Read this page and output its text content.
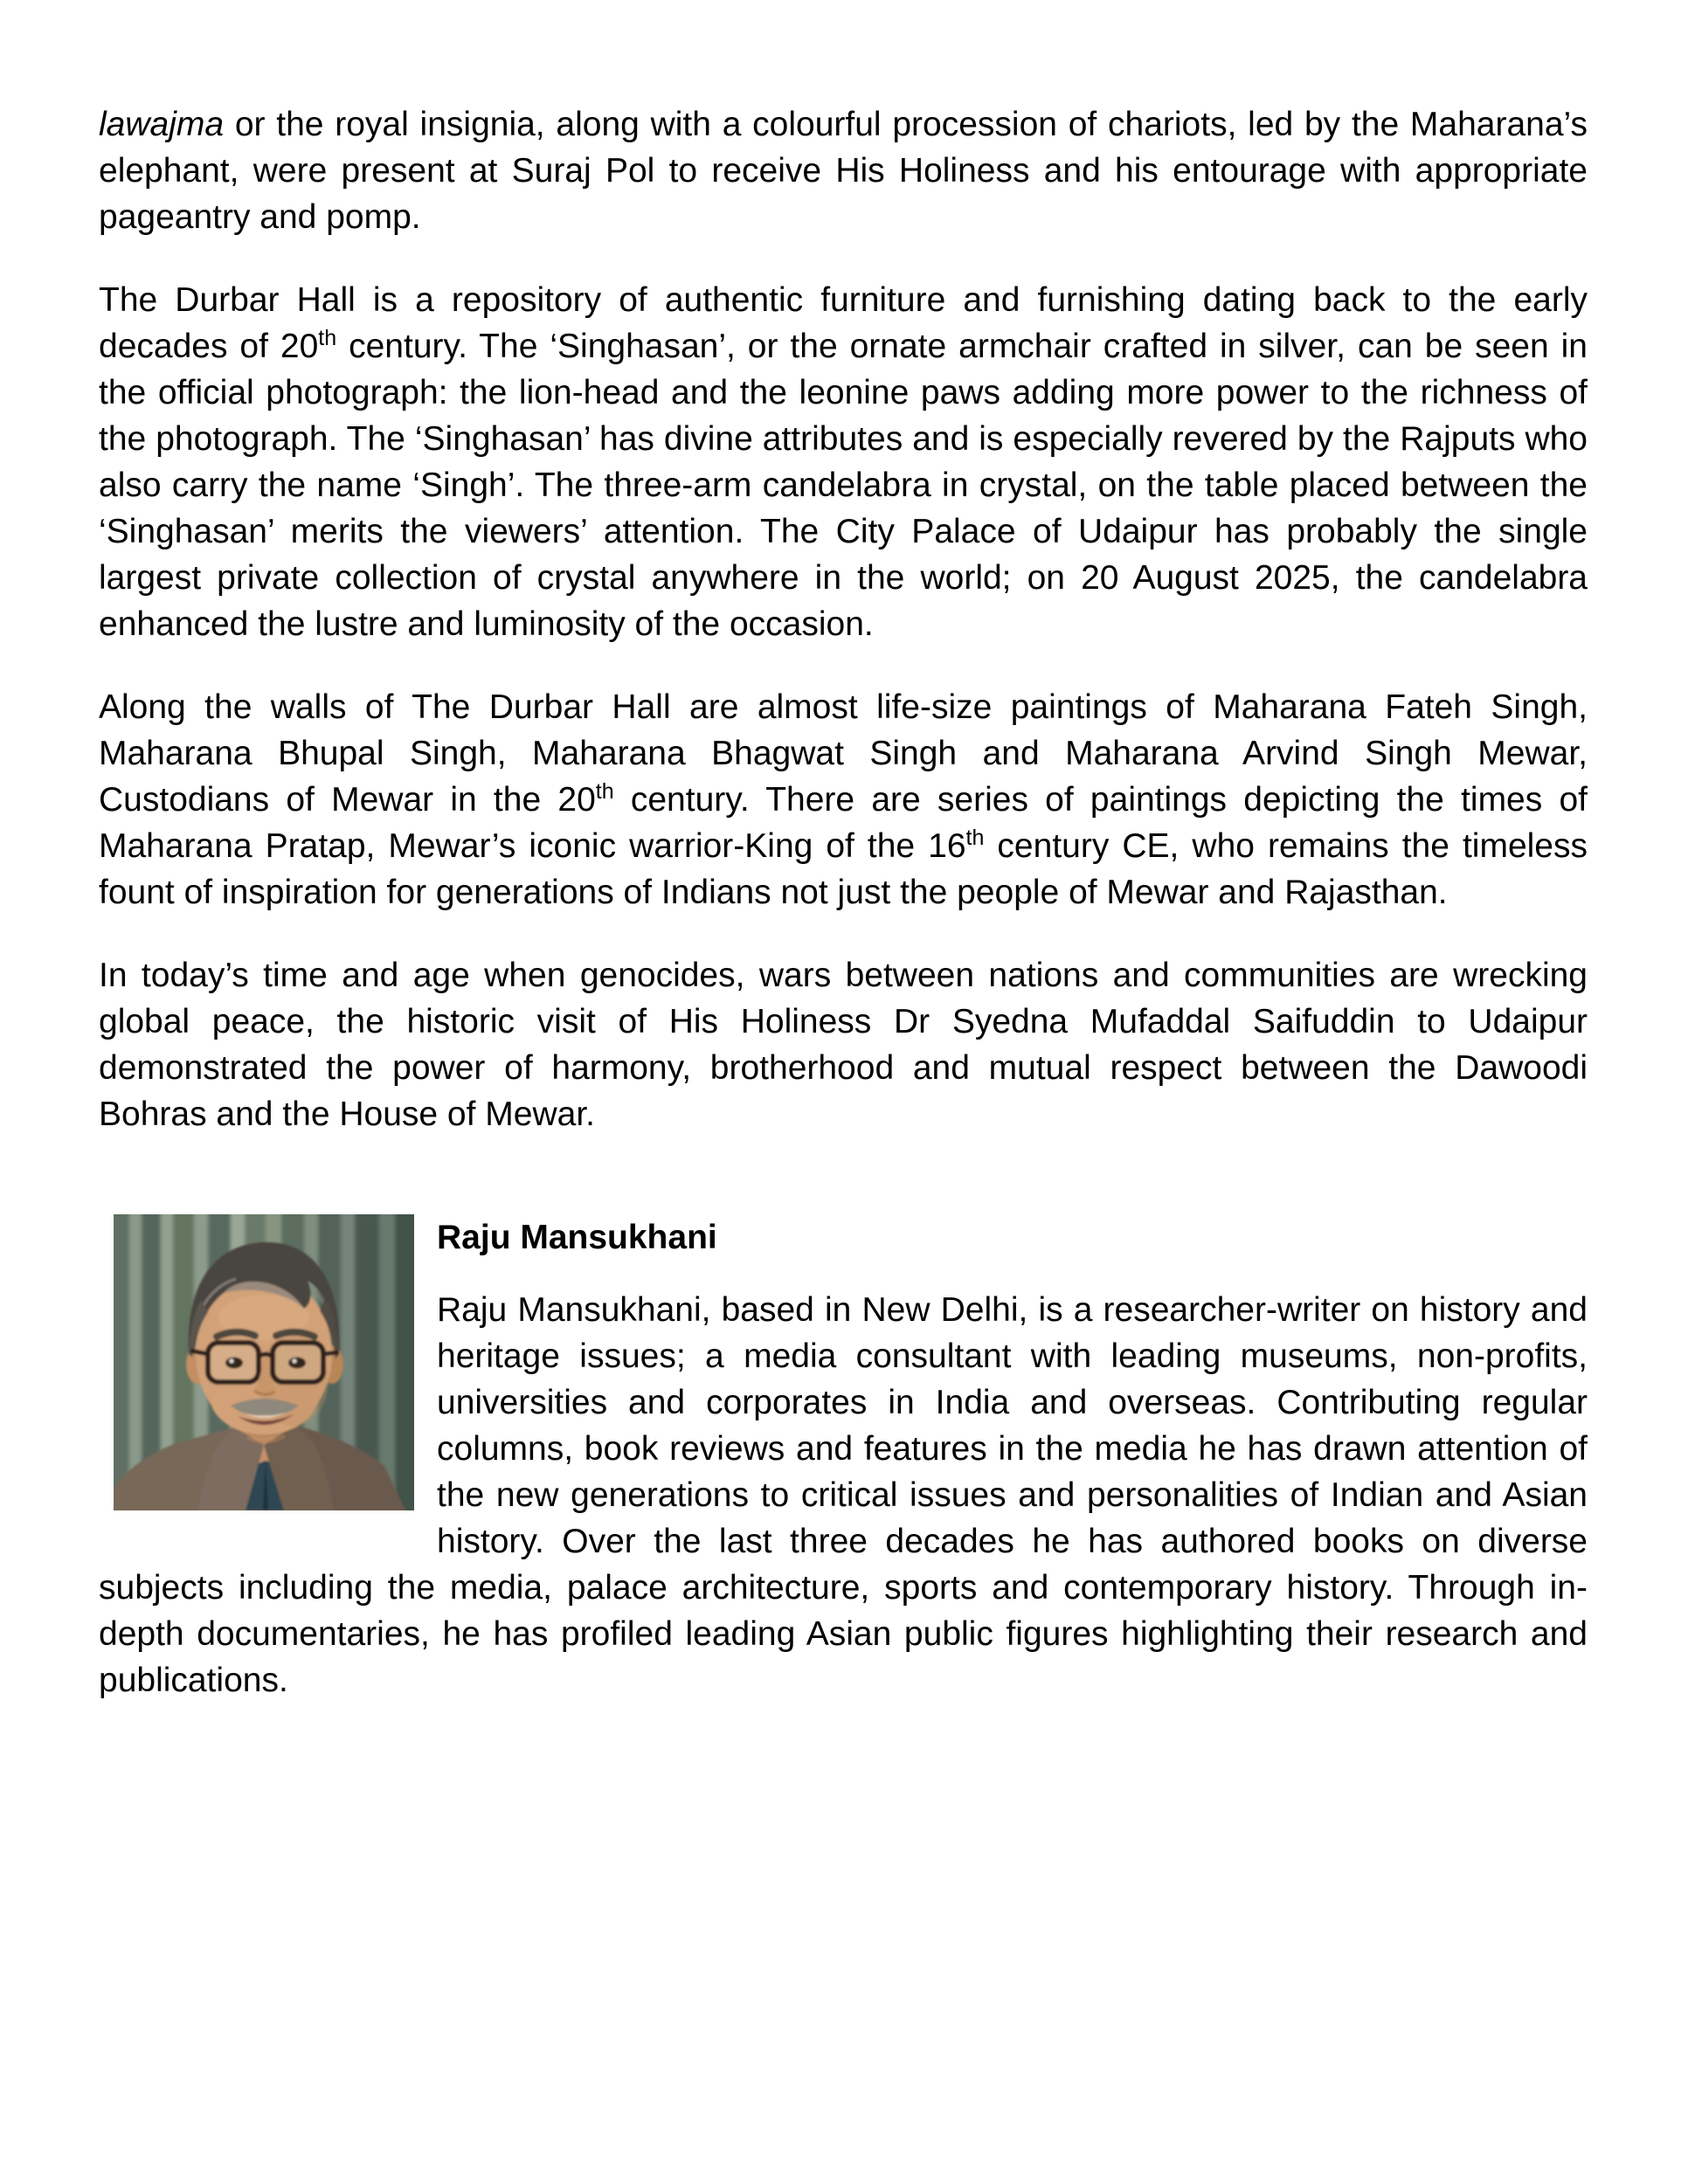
lawajma or the royal insignia, along with a colourful procession of chariots, led by the Maharana’s elephant, were present at Suraj Pol to receive His Holiness and his entourage with appropriate pageantry and pomp.

The Durbar Hall is a repository of authentic furniture and furnishing dating back to the early decades of 20th century. The ‘Singhasan’, or the ornate armchair crafted in silver, can be seen in the official photograph: the lion-head and the leonine paws adding more power to the richness of the photograph. The ‘Singhasan’ has divine attributes and is especially revered by the Rajputs who also carry the name ‘Singh’. The three-arm candelabra in crystal, on the table placed between the ‘Singhasan’ merits the viewers’ attention. The City Palace of Udaipur has probably the single largest private collection of crystal anywhere in the world; on 20 August 2025, the candelabra enhanced the lustre and luminosity of the occasion.

Along the walls of The Durbar Hall are almost life-size paintings of Maharana Fateh Singh, Maharana Bhupal Singh, Maharana Bhagwat Singh and Maharana Arvind Singh Mewar, Custodians of Mewar in the 20th century. There are series of paintings depicting the times of Maharana Pratap, Mewar’s iconic warrior-King of the 16th century CE, who remains the timeless fount of inspiration for generations of Indians not just the people of Mewar and Rajasthan.

In today’s time and age when genocides, wars between nations and communities are wrecking global peace, the historic visit of His Holiness Dr Syedna Mufaddal Saifuddin to Udaipur demonstrated the power of harmony, brotherhood and mutual respect between the Dawoodi Bohras and the House of Mewar.

Raju Mansukhani

Raju Mansukhani, based in New Delhi, is a researcher-writer on history and heritage issues; a media consultant with leading museums, non-profits, universities and corporates in India and overseas. Contributing regular columns, book reviews and features in the media he has drawn attention of the new generations to critical issues and personalities of Indian and Asian history. Over the last three decades he has authored books on diverse subjects including the media, palace architecture, sports and contemporary history. Through in-depth documentaries, he has profiled leading Asian public figures highlighting their research and publications.
